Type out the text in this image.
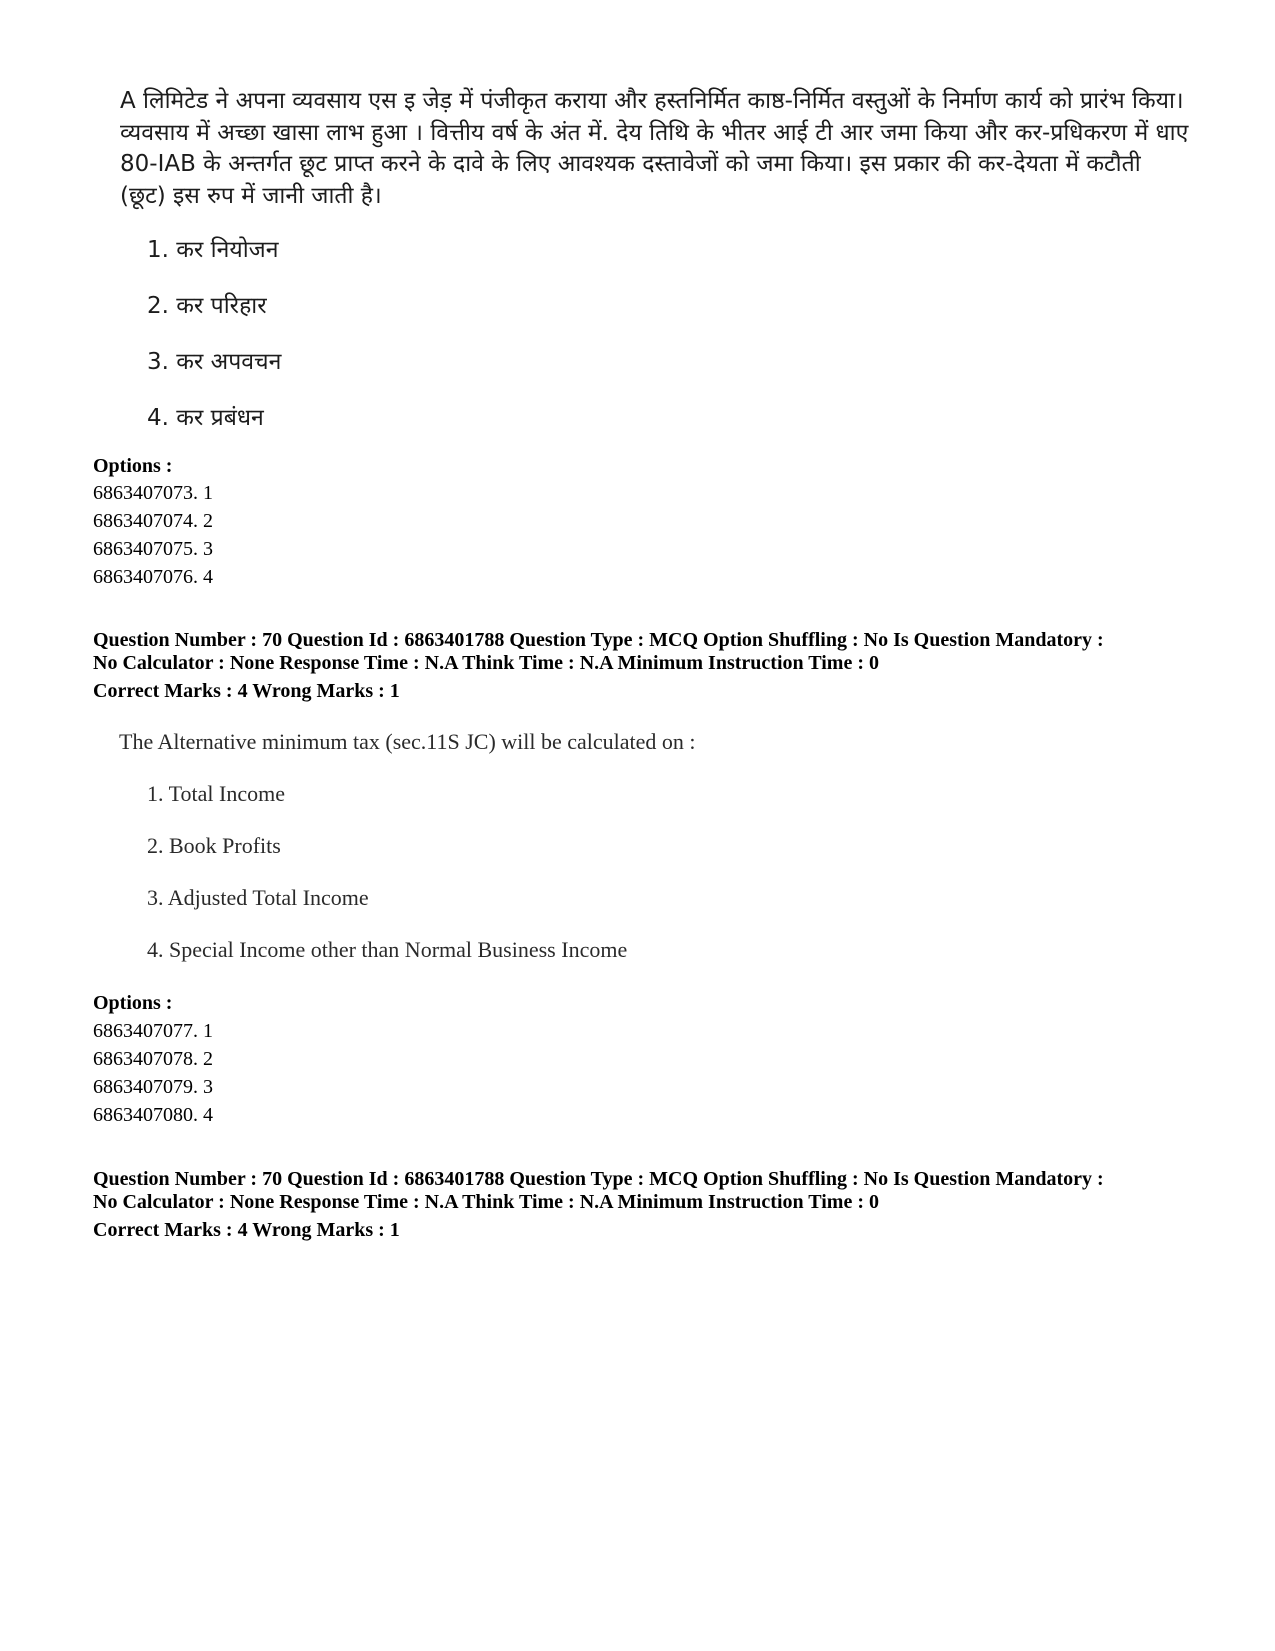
A लिमिटेड ने अपना व्यवसाय एस इ जेड़ में पंजीकृत कराया और हस्तनिर्मित काष्ठ-निर्मित वस्तुओं के निर्माण कार्य को प्रारंभ किया। व्यवसाय में अच्छा खासा लाभ हुआ । वित्तीय वर्ष के अंत में. देय तिथि के भीतर आई टी आर जमा किया और कर-प्रधिकरण में धाए 80-IAB के अन्तर्गत छूट प्राप्त करने के दावे के लिए आवश्यक दस्तावेजों को जमा किया। इस प्रकार की कर-देयता में कटौती (छूट) इस रुप में जानी जाती है।
1. कर नियोजन
2. कर परिहार
3. कर अपवचन
4. कर प्रबंधन
Options :
6863407073. 1
6863407074. 2
6863407075. 3
6863407076. 4
Question Number : 70 Question Id : 6863401788 Question Type : MCQ Option Shuffling : No Is Question Mandatory :
No Calculator : None Response Time : N.A Think Time : N.A Minimum Instruction Time : 0
Correct Marks : 4 Wrong Marks : 1
The Alternative minimum tax (sec.11S JC) will be calculated on :
1. Total Income
2. Book Profits
3. Adjusted Total Income
4. Special Income other than Normal Business Income
Options :
6863407077. 1
6863407078. 2
6863407079. 3
6863407080. 4
Question Number : 70 Question Id : 6863401788 Question Type : MCQ Option Shuffling : No Is Question Mandatory :
No Calculator : None Response Time : N.A Think Time : N.A Minimum Instruction Time : 0
Correct Marks : 4 Wrong Marks : 1
